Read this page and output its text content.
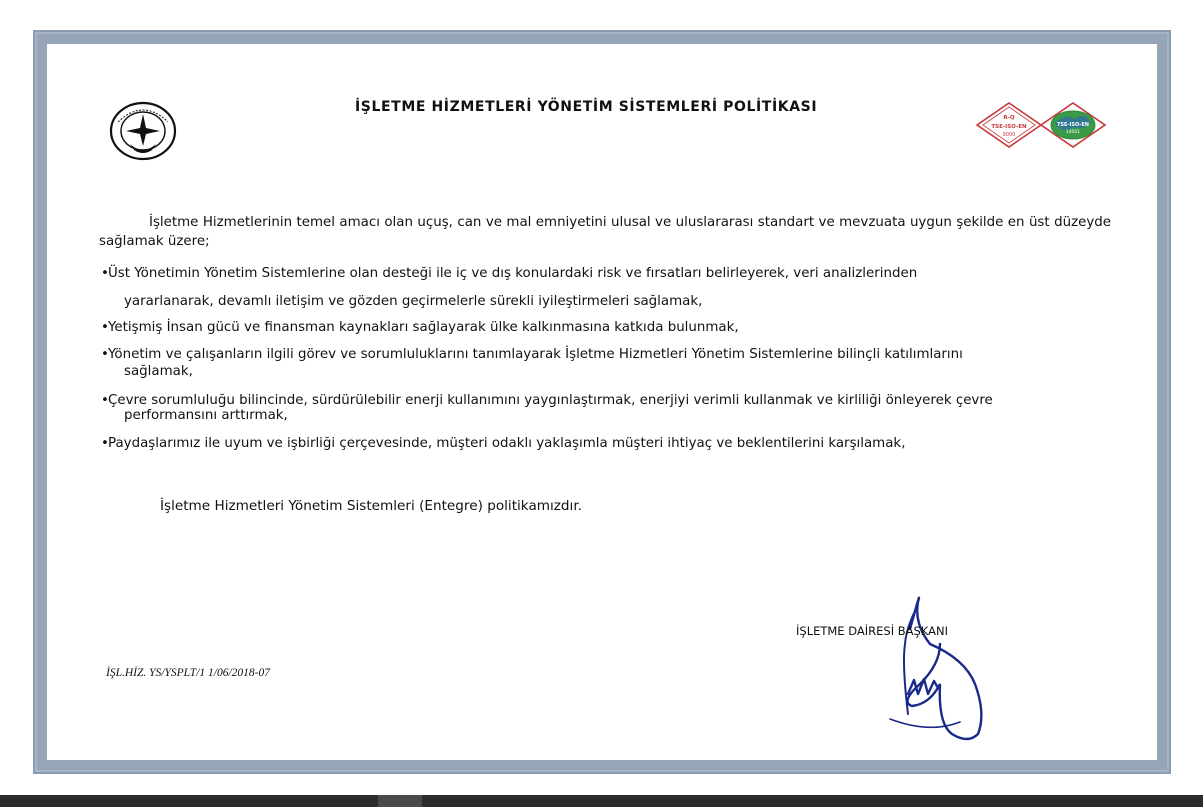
İŞLETME HİZMETLERİ YÖNETİM SİSTEMLERİ POLİTİKASI
R-Q
TSE-ISO-EN
9000
TSE-ISO-EN
14001

İşletme Hizmetlerinin temel amacı olan uçuş, can ve mal emniyetini ulusal ve uluslararası standart ve mevzuata uygun şekilde en üst düzeyde sağlamak üzere;

•Üst Yönetimin Yönetim Sistemlerine olan desteği ile iç ve dış konulardaki risk ve fırsatları belirleyerek, veri analizlerinden
yararlanarak, devamlı iletişim ve gözden geçirmelerle sürekli iyileştirmeleri sağlamak,
•Yetişmiş İnsan gücü ve finansman kaynakları sağlayarak ülke kalkınmasına katkıda bulunmak,
•Yönetim ve çalışanların ilgili görev ve sorumluluklarını tanımlayarak İşletme Hizmetleri Yönetim Sistemlerine bilinçli katılımlarını
sağlamak,
•Çevre sorumluluğu bilincinde, sürdürülebilir enerji kullanımını yaygınlaştırmak, enerjiyi verimli kullanmak ve kirliliği önleyerek çevre
performansını arttırmak,
•Paydaşlarımız ile uyum ve işbirliği çerçevesinde, müşteri odaklı yaklaşımla müşteri ihtiyaç ve beklentilerini karşılamak,
İşletme Hizmetleri Yönetim Sistemleri (Entegre) politikamızdır.
İŞL.HİZ. YS/YSPLT/1 1/06/2018-07
İŞLETME DAİRESİ BAŞKANI
